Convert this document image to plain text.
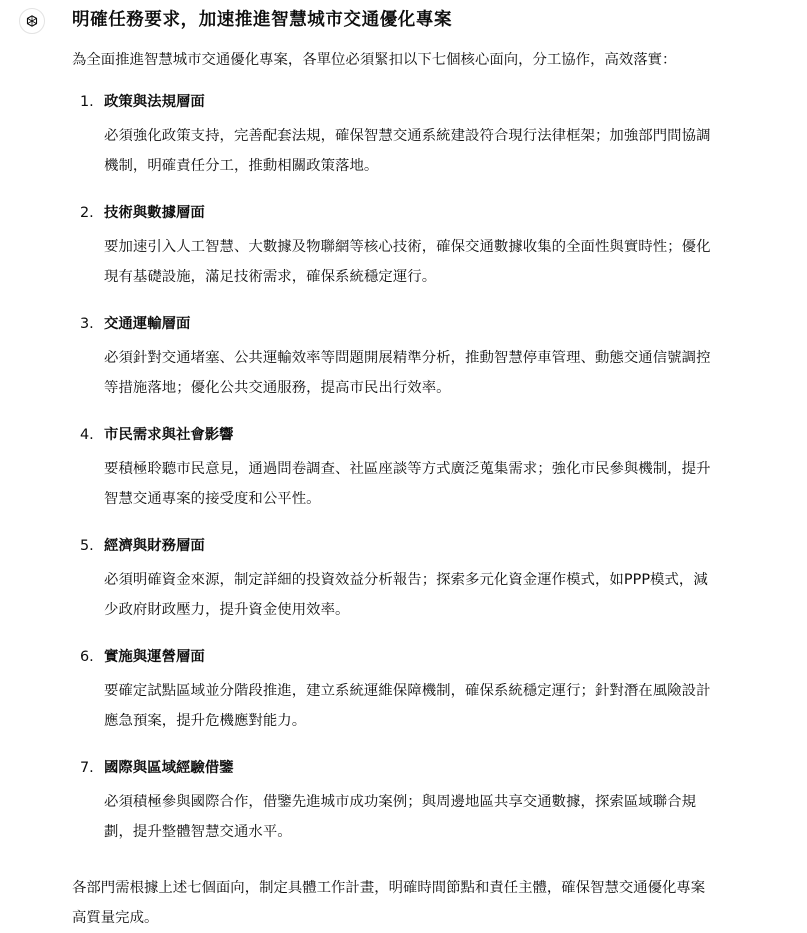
明確任務要求，加速推進智慧城市交通優化專案

為全面推進智慧城市交通優化專案，各單位必須緊扣以下七個核心面向，分工協作，高效落實：

1. 政策與法規層面
必須強化政策支持，完善配套法規，確保智慧交通系統建設符合現行法律框架；加強部門間協調
機制，明確責任分工，推動相關政策落地。
2. 技術與數據層面
要加速引入人工智慧、大數據及物聯網等核心技術，確保交通數據收集的全面性與實時性；優化
現有基礎設施，滿足技術需求，確保系統穩定運行。
3. 交通運輸層面
必須針對交通堵塞、公共運輸效率等問題開展精準分析，推動智慧停車管理、動態交通信號調控
等措施落地；優化公共交通服務，提高市民出行效率。
4. 市民需求與社會影響
要積極聆聽市民意見，通過問卷調查、社區座談等方式廣泛蒐集需求；強化市民參與機制，提升
智慧交通專案的接受度和公平性。
5. 經濟與財務層面
必須明確資金來源，制定詳細的投資效益分析報告；探索多元化資金運作模式，如PPP模式，減
少政府財政壓力，提升資金使用效率。
6. 實施與運營層面
要確定試點區域並分階段推進，建立系統運維保障機制，確保系統穩定運行；針對潛在風險設計
應急預案，提升危機應對能力。
7. 國際與區域經驗借鑒
必須積極參與國際合作，借鑒先進城市成功案例；與周邊地區共享交通數據，探索區域聯合規
劃，提升整體智慧交通水平。

各部門需根據上述七個面向，制定具體工作計畫，明確時間節點和責任主體，確保智慧交通優化專案
高質量完成。
